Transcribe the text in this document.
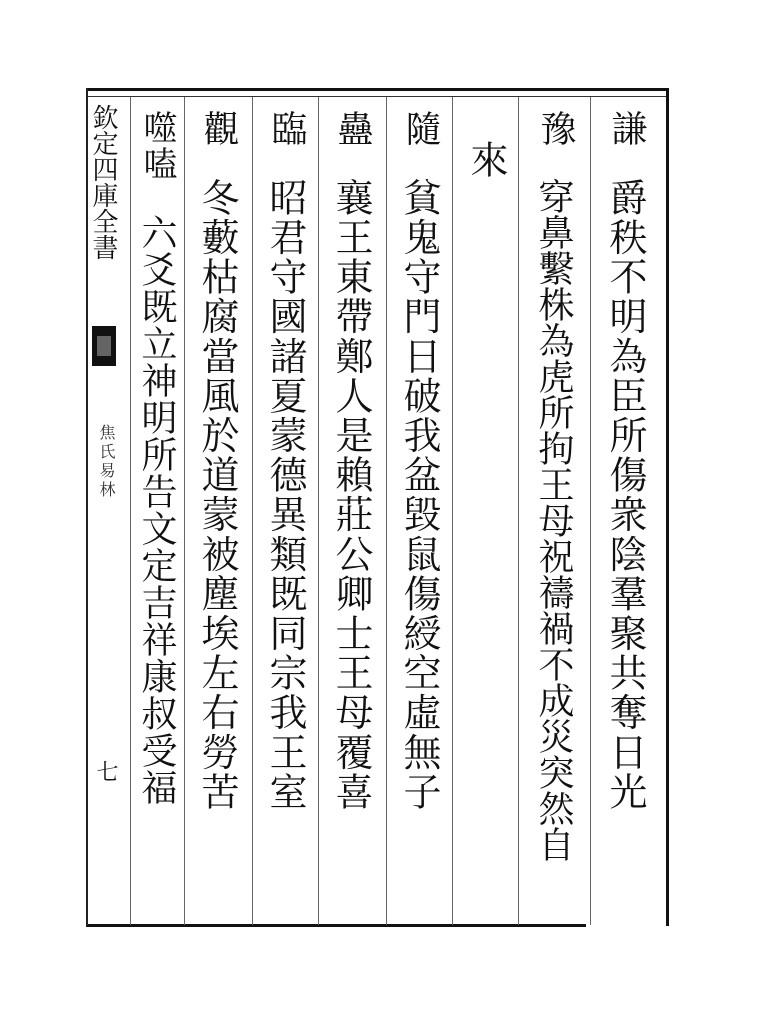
欽定四庫全書
焦氏易林
七
謙
爵秩不明為臣所傷衆陰羣聚共奪日光
豫
穿鼻繫株為虎所拘王母祝禱禍不成災突然自
來
隨
貧鬼守門日破我盆毀鼠傷綬空虛無子
蠱
襄王東帶鄭人是賴莊公卿士王母覆喜
臨
昭君守國諸夏蒙德異類既同宗我王室
觀
冬藪枯腐當風於道蒙被塵埃左右勞苦
噬嗑
六爻既立神明所告文定吉祥康叔受福
